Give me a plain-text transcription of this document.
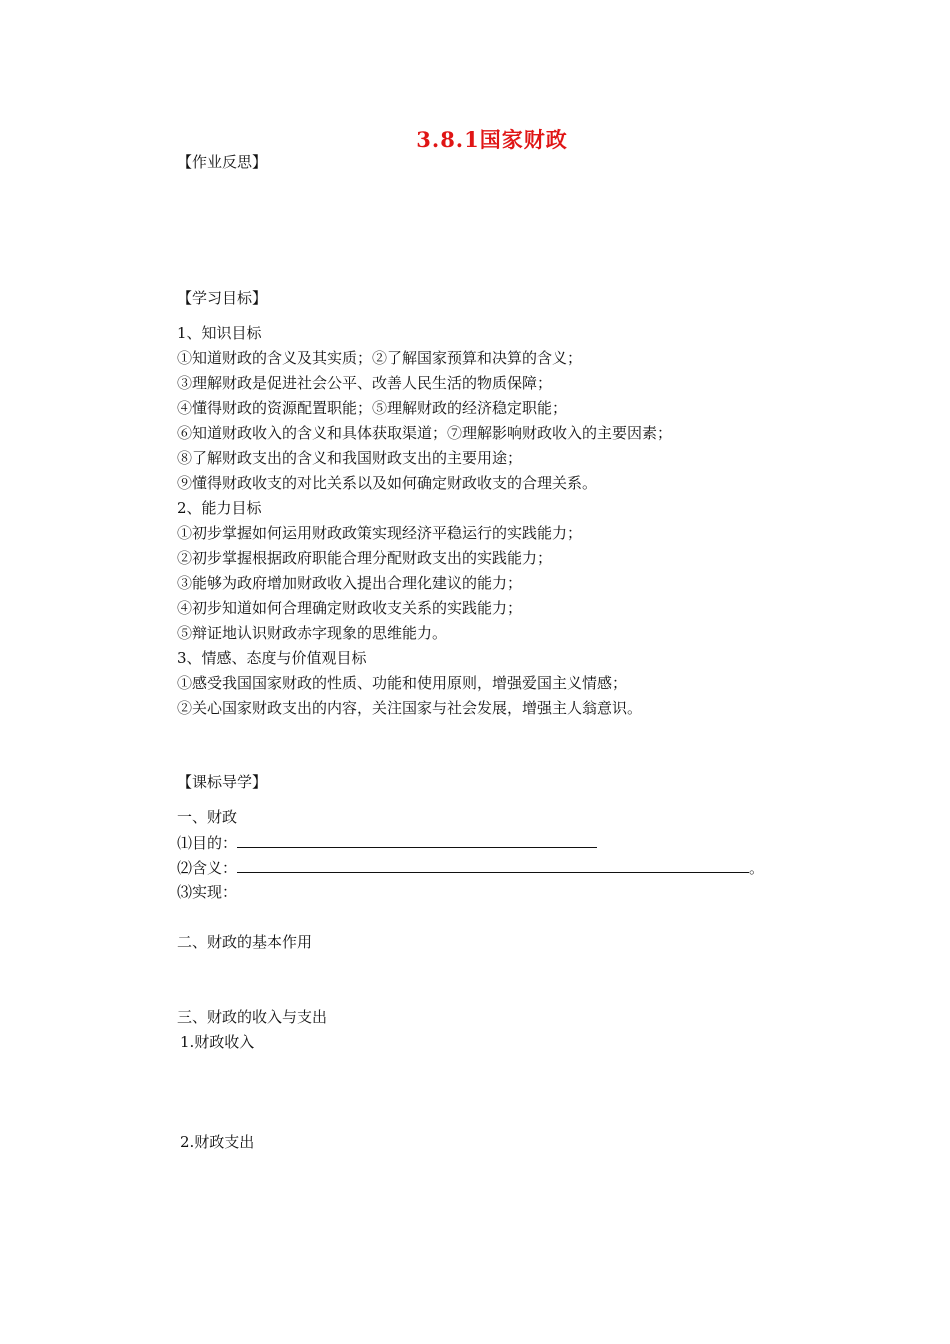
3.8.1国家财政
【作业反思】
【学习目标】
1、知识目标
①知道财政的含义及其实质；②了解国家预算和决算的含义；
③理解财政是促进社会公平、改善人民生活的物质保障；
④懂得财政的资源配置职能；⑤理解财政的经济稳定职能；
⑥知道财政收入的含义和具体获取渠道；⑦理解影响财政收入的主要因素；
⑧了解财政支出的含义和我国财政支出的主要用途；
⑨懂得财政收支的对比关系以及如何确定财政收支的合理关系。
2、能力目标
①初步掌握如何运用财政政策实现经济平稳运行的实践能力；
②初步掌握根据政府职能合理分配财政支出的实践能力；
③能够为政府增加财政收入提出合理化建议的能力；
④初步知道如何合理确定财政收支关系的实践能力；
⑤辩证地认识财政赤字现象的思维能力。
3、情感、态度与价值观目标
①感受我国国家财政的性质、功能和使用原则，增强爱国主义情感；
②关心国家财政支出的内容，关注国家与社会发展，增强主人翁意识。
【课标导学】
一、财政
⑴目的：
⑵含义：	。
⑶实现：
二、财政的基本作用
三、财政的收入与支出
1.财政收入
2.财政支出
